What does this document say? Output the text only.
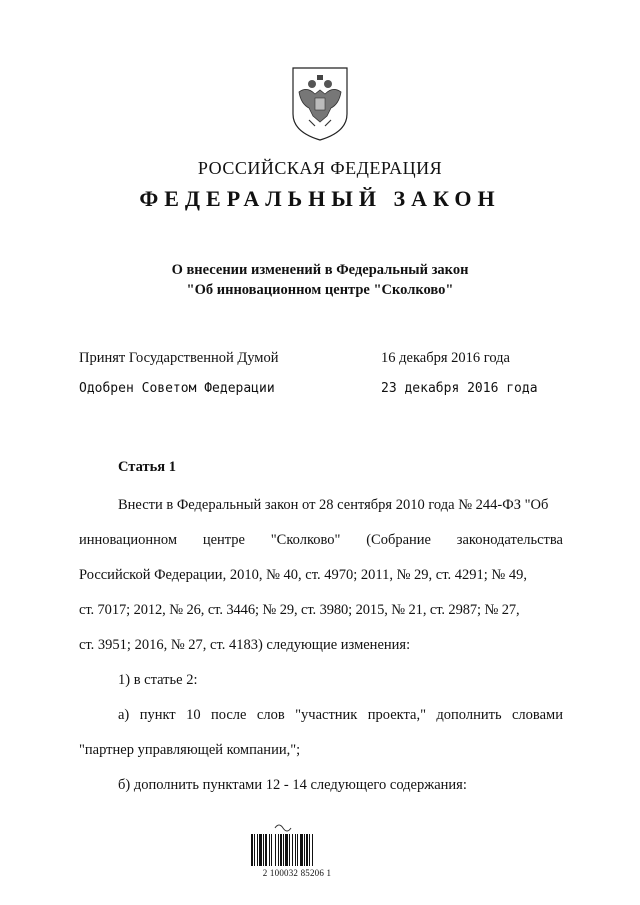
РОССИЙСКАЯ ФЕДЕРАЦИЯ
ФЕДЕРАЛЬНЫЙ ЗАКОН
О внесении изменений в Федеральный закон
"Об инновационном центре "Сколково"
Принят Государственной Думой	16 декабря 2016 года
Одобрен Советом Федерации	23 декабря 2016 года
Статья 1
Внести в Федеральный закон от 28 сентября 2010 года № 244-ФЗ "Об
инновационном центре "Сколково" (Собрание законодательства
Российской Федерации, 2010, № 40, ст. 4970; 2011, № 29, ст. 4291; № 49,
ст. 7017; 2012, № 26, ст. 3446; № 29, ст. 3980; 2015, № 21, ст. 2987; № 27,
ст. 3951; 2016, № 27, ст. 4183) следующие изменения:
1) в статье 2:
а) пункт 10 после слов "участник проекта," дополнить словами
"партнер управляющей компании,";
б) дополнить пунктами 12 - 14 следующего содержания:
2 100032 85206 1
